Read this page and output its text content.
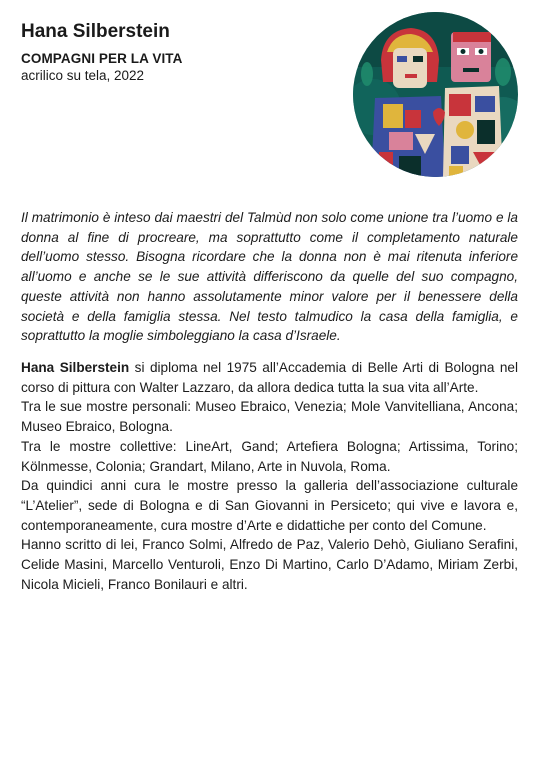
Hana Silberstein
COMPAGNI PER LA VITA
acrilico su tela, 2022

Il matrimonio è inteso dai maestri del Talmùd non solo come unione tra l’uomo e la donna al fine di procreare, ma soprattutto come il completamento naturale dell’uomo stesso. Bisogna ricordare che la donna non è mai ritenuta inferiore all’uomo e anche se le sue attività differiscono da quelle del suo compagno, queste attività non hanno assolutamente minor valore per il benessere della società e della famiglia stessa. Nel testo talmudico la casa della famiglia, e soprattutto la moglie simboleggiano la casa d’Israele.

Hana Silberstein si diploma nel 1975 all’Accademia di Belle Arti di Bologna nel corso di pittura con Walter Lazzaro, da allora dedica tutta la sua vita all’Arte.

Tra le sue mostre personali: Museo Ebraico, Venezia; Mole Vanvitelliana, Ancona; Museo Ebraico, Bologna.

Tra le mostre collettive: LineArt, Gand; Artefiera Bologna; Artissima, Torino; Kölnmesse, Colonia; Grandart, Milano, Arte in Nuvola, Roma.

Da quindici anni cura le mostre presso la galleria dell’associazione culturale “L’Atelier”, sede di Bologna e di San Giovanni in Persiceto; qui vive e lavora e, contemporaneamente, cura mostre d’Arte e didattiche per conto del Comune.

Hanno scritto di lei, Franco Solmi, Alfredo de Paz, Valerio Dehò, Giuliano Serafini, Celide Masini, Marcello Venturoli, Enzo Di Martino, Carlo D’Adamo, Miriam Zerbi, Nicola Micieli, Franco Bonilauri e altri.
